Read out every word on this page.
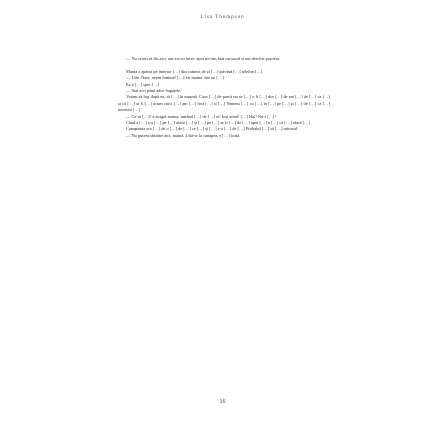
Lisa Thompson

— Nu vreau să fiu aici, am zis eu încet, apoi mi-am luat rucsacul și am deschis portiera.

Mama a apărut pe interior […] din camera de zi […] privind […] telefon […]

— Uite, Nate, avem lumină! […] zis mama, dar eu […]

Ea a […] spre […]

— Stai aici până aduc bagajele.

Voiam să fug după ea, să […] în mașină. Casa […] de parcă nu se […] o fi […] din […] de ani […] de […] ca […] și că […] ar fi […] acum cinci […] ani […] fost […] și […] Nimeni […] cu […] în […] pe […] și […] de […] ca […] mirosea […]

— Ce-ai […]? a strigat mama, intrând […] de […] ei! Ieși afară! […] Hai! Nu-i […]!

Când a […] s-a […] pe […] afară […] și […] pe […] ar fi […] de […] apoi […] a […] că […] afară […]

Canapeaua era […] de o […] de […] ce […] și […] s-a […] de […] Probabil […] să […] mirosul.

— Nu putem rămâne aici, mamă. Uită-te la canapea, e […] toată.

16
